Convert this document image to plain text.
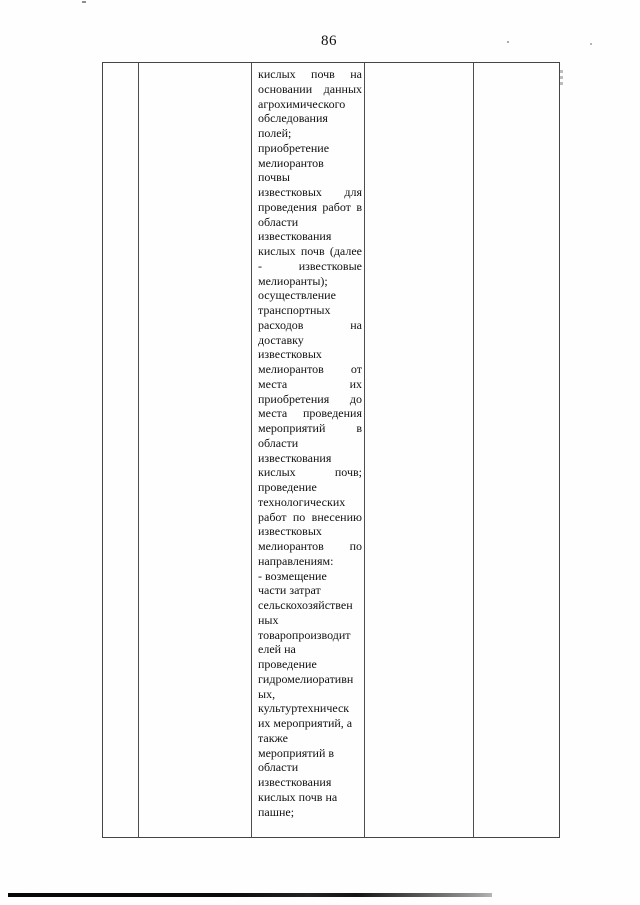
86
кислых почв на
основании данных
агрохимического
обследования
полей;
приобретение
мелиорантов
почвы
известковых для
проведения работ в
области
известкования
кислых почв (далее
- известковые
мелиоранты);
осуществление
транспортных
расходов на
доставку
известковых
мелиорантов от
места их
приобретения до
места проведения
мероприятий в
области
известкования
кислых почв;
проведение
технологических
работ по внесению
известковых
мелиорантов по
направлениям:
- возмещение
части затрат
сельскохозяйствен
ных
товаропроизводит
елей на
проведение
гидромелиоративн
ых,
культуртехническ
их мероприятий, а
также
мероприятий в
области
известкования
кислых почв на
пашне;
